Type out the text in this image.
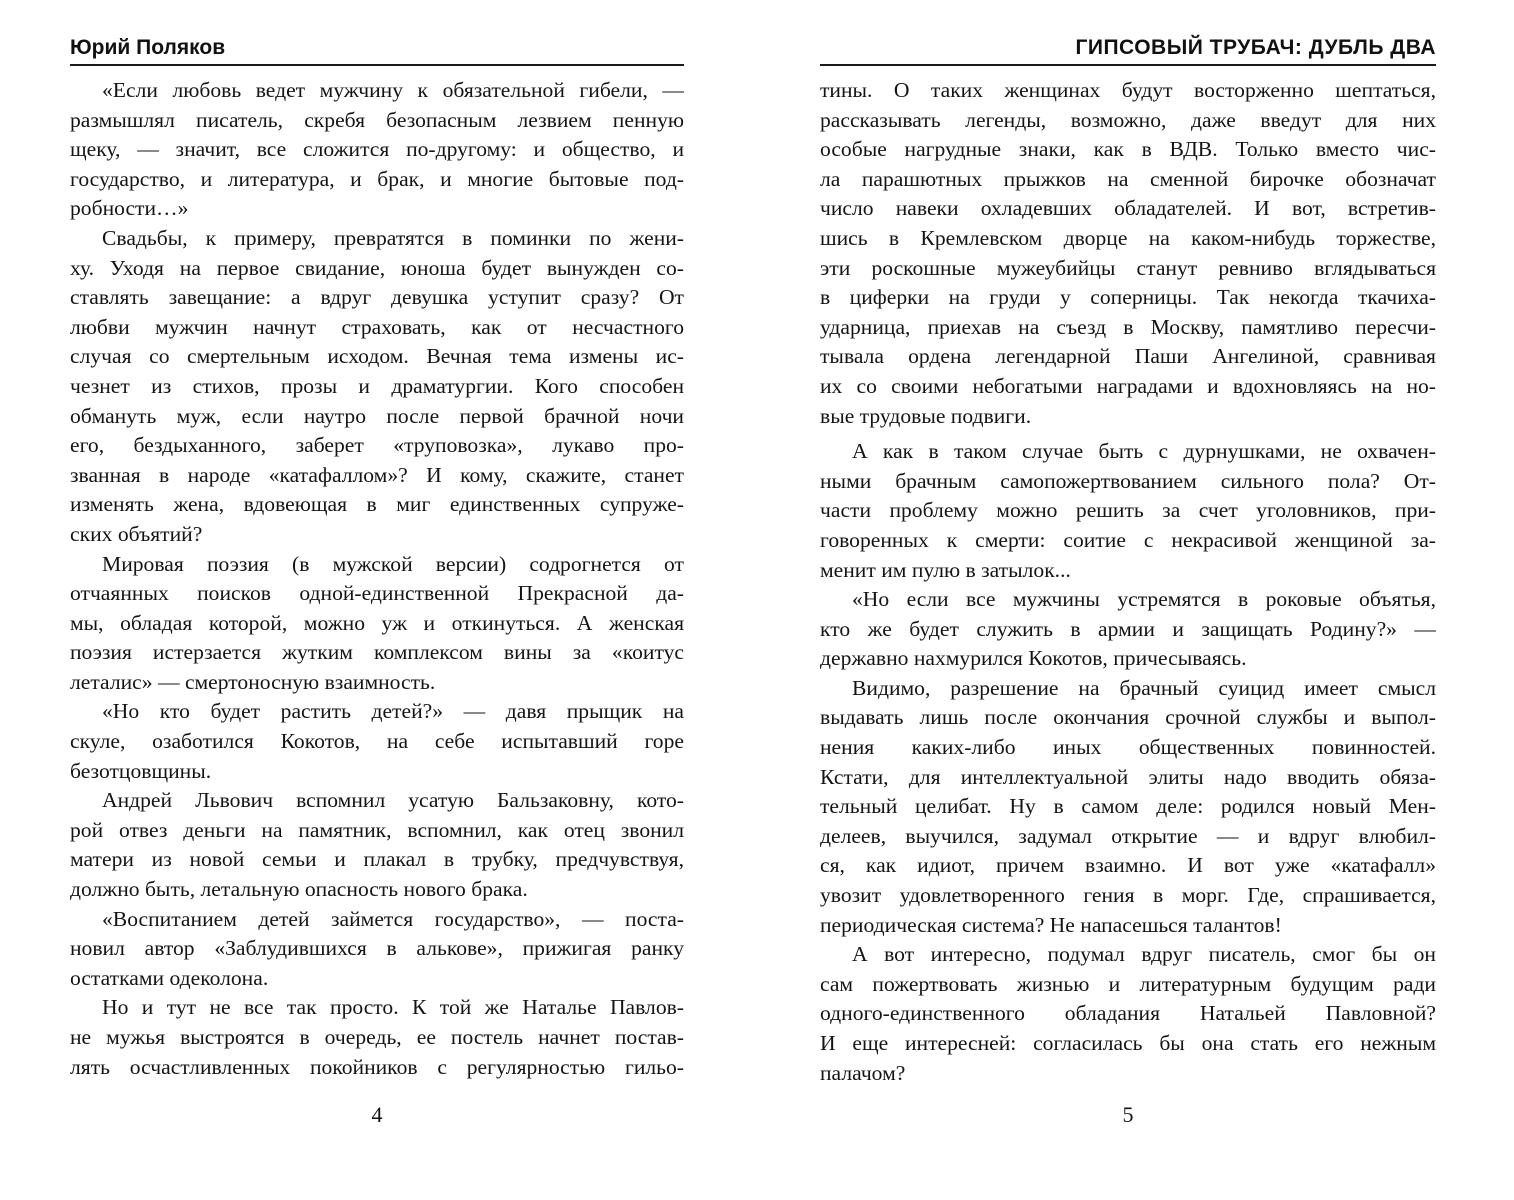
Юрий Поляков
«Если любовь ведет мужчину к обязательной гибели, —
размышлял писатель, скребя безопасным лезвием пенную
щеку, — значит, все сложится по-другому: и общество, и
государство, и литература, и брак, и многие бытовые под-
робности…»
Свадьбы, к примеру, превратятся в поминки по жени-
ху. Уходя на первое свидание, юноша будет вынужден со-
ставлять завещание: а вдруг девушка уступит сразу? От
любви мужчин начнут страховать, как от несчастного
случая со смертельным исходом. Вечная тема измены ис-
чезнет из стихов, прозы и драматургии. Кого способен
обмануть муж, если наутро после первой брачной ночи
его, бездыханного, заберет «труповозка», лукаво про-
званная в народе «катафаллом»? И кому, скажите, станет
изменять жена, вдовеющая в миг единственных супруже-
ских объятий?
Мировая поэзия (в мужской версии) содрогнется от
отчаянных поисков одной-единственной Прекрасной да-
мы, обладая которой, можно уж и откинуться. А женская
поэзия истерзается жутким комплексом вины за «коитус
леталис» — смертоносную взаимность.
«Но кто будет растить детей?» — давя прыщик на
скуле, озаботился Кокотов, на себе испытавший горе
безотцовщины.
Андрей Львович вспомнил усатую Бальзаковну, кото-
рой отвез деньги на памятник, вспомнил, как отец звонил
матери из новой семьи и плакал в трубку, предчувствуя,
должно быть, летальную опасность нового брака.
«Воспитанием детей займется государство», — поста-
новил автор «Заблудившихся в алькове», прижигая ранку
остатками одеколона.
Но и тут не все так просто. К той же Наталье Павлов-
не мужья выстроятся в очередь, ее постель начнет постав-
лять осчастливленных покойников с регулярностью гильо-
4
ГИПСОВЫЙ ТРУБАЧ: ДУБЛЬ ДВА
тины. О таких женщинах будут восторженно шептаться,
рассказывать легенды, возможно, даже введут для них
особые нагрудные знаки, как в ВДВ. Только вместо чис-
ла парашютных прыжков на сменной бирочке обозначат
число навеки охладевших обладателей. И вот, встретив-
шись в Кремлевском дворце на каком-нибудь торжестве,
эти роскошные мужеубийцы станут ревниво вглядываться
в циферки на груди у соперницы. Так некогда ткачиха-
ударница, приехав на съезд в Москву, памятливо пересчи-
тывала ордена легендарной Паши Ангелиной, сравнивая
их со своими небогатыми наградами и вдохновляясь на но-
вые трудовые подвиги.
А как в таком случае быть с дурнушками, не охвачен-
ными брачным самопожертвованием сильного пола? От-
части проблему можно решить за счет уголовников, при-
говоренных к смерти: соитие с некрасивой женщиной за-
менит им пулю в затылок...
«Но если все мужчины устремятся в роковые объятья,
кто же будет служить в армии и защищать Родину?» —
державно нахмурился Кокотов, причесываясь.
Видимо, разрешение на брачный суицид имеет смысл
выдавать лишь после окончания срочной службы и выпол-
нения каких-либо иных общественных повинностей.
Кстати, для интеллектуальной элиты надо вводить обяза-
тельный целибат. Ну в самом деле: родился новый Мен-
делеев, выучился, задумал открытие — и вдруг влюбил-
ся, как идиот, причем взаимно. И вот уже «катафалл»
увозит удовлетворенного гения в морг. Где, спрашивается,
периодическая система? Не напасешься талантов!
А вот интересно, подумал вдруг писатель, смог бы он
сам пожертвовать жизнью и литературным будущим ради
одного-единственного обладания Натальей Павловной?
И еще интересней: согласилась бы она стать его нежным
палачом?
5
